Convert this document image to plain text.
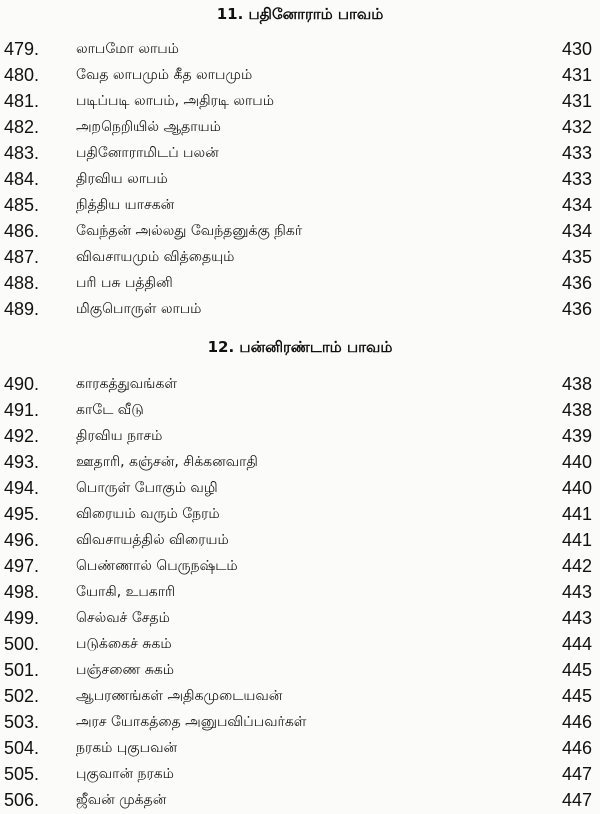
11. பதினோராம் பாவம்
479.	லாபமோ லாபம்	430
480.	வேத லாபமும் கீத லாபமும்	431
481.	படிப்படி லாபம், அதிரடி லாபம்	431
482.	அறநெறியில் ஆதாயம்	432
483.	பதினோராமிடப் பலன்	433
484.	திரவிய லாபம்	433
485.	நித்திய யாசகன்	434
486.	வேந்தன் அல்லது வேந்தனுக்கு நிகர்	434
487.	விவசாயமும் வித்தையும்	435
488.	பரி பசு பத்தினி	436
489.	மிகுபொருள் லாபம்	436
12. பன்னிரண்டாம் பாவம்
490.	காரகத்துவங்கள்	438
491.	காடே வீடு	438
492.	திரவிய நாசம்	439
493.	ஊதாரி, கஞ்சன், சிக்கனவாதி	440
494.	பொருள் போகும் வழி	440
495.	விரையம் வரும் நேரம்	441
496.	விவசாயத்தில் விரையம்	441
497.	பெண்ணால் பெருநஷ்டம்	442
498.	யோகி, உபகாரி	443
499.	செல்வச் சேதம்	443
500.	படுக்கைச் சுகம்	444
501.	பஞ்சணை சுகம்	445
502.	ஆபரணங்கள் அதிகமுடையவன்	445
503.	அரச யோகத்தை அனுபவிப்பவர்கள்	446
504.	நரகம் புகுபவன்	446
505.	புகுவான் நரகம்	447
506.	ஜீவன் முக்தன்	447
